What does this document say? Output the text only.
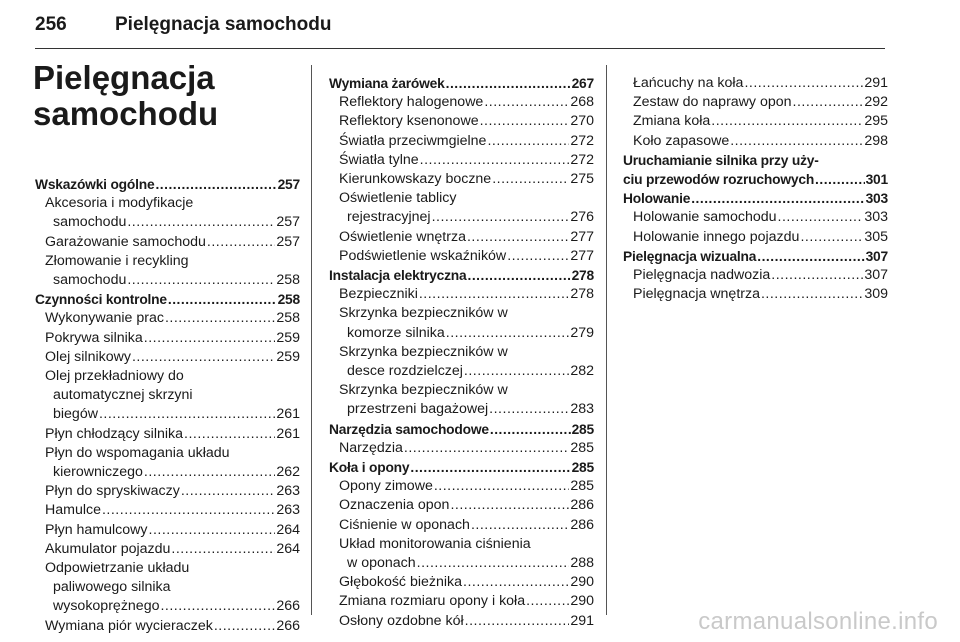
256	Pielęgnacja samochodu
Pielęgnacja
samochodu
Wskazówki ogólne .....	257
Akcesoria i modyfikacje
samochodu .....	257
Garażowanie samochodu .....	257
Złomowanie i recykling
samochodu .....	258
Czynności kontrolne .....	258
Wykonywanie prac .....	258
Pokrywa silnika .....	259
Olej silnikowy .....	259
Olej przekładniowy do
automatycznej skrzyni
biegów .....	261
Płyn chłodzący silnika .....	261
Płyn do wspomagania układu
kierowniczego .....	262
Płyn do spryskiwaczy .....	263
Hamulce .....	263
Płyn hamulcowy .....	264
Akumulator pojazdu .....	264
Odpowietrzanie układu
paliwowego silnika
wysokoprężnego .....	266
Wymiana piór wycieraczek .....	266
Wymiana żarówek .....	267
Reflektory halogenowe .....	268
Reflektory ksenonowe .....	270
Światła przeciwmgielne .....	272
Światła tylne .....	272
Kierunkowskazy boczne .....	275
Oświetlenie tablicy
rejestracyjnej .....	276
Oświetlenie wnętrza .....	277
Podświetlenie wskaźników .....	277
Instalacja elektryczna .....	278
Bezpieczniki .....	278
Skrzynka bezpieczników w
komorze silnika .....	279
Skrzynka bezpieczników w
desce rozdzielczej .....	282
Skrzynka bezpieczników w
przestrzeni bagażowej .....	283
Narzędzia samochodowe .....	285
Narzędzia .....	285
Koła i opony .....	285
Opony zimowe .....	285
Oznaczenia opon .....	286
Ciśnienie w oponach .....	286
Układ monitorowania ciśnienia
w oponach .....	288
Głębokość bieżnika .....	290
Zmiana rozmiaru opony i koła .....	290
Osłony ozdobne kół .....	291
Łańcuchy na koła .....	291
Zestaw do naprawy opon .....	292
Zmiana koła .....	295
Koło zapasowe .....	298
Uruchamianie silnika przy uży-
ciu przewodów rozruchowych .....	301
Holowanie .....	303
Holowanie samochodu .....	303
Holowanie innego pojazdu .....	305
Pielęgnacja wizualna .....	307
Pielęgnacja nadwozia .....	307
Pielęgnacja wnętrza .....	309
carmanualsonline.info
